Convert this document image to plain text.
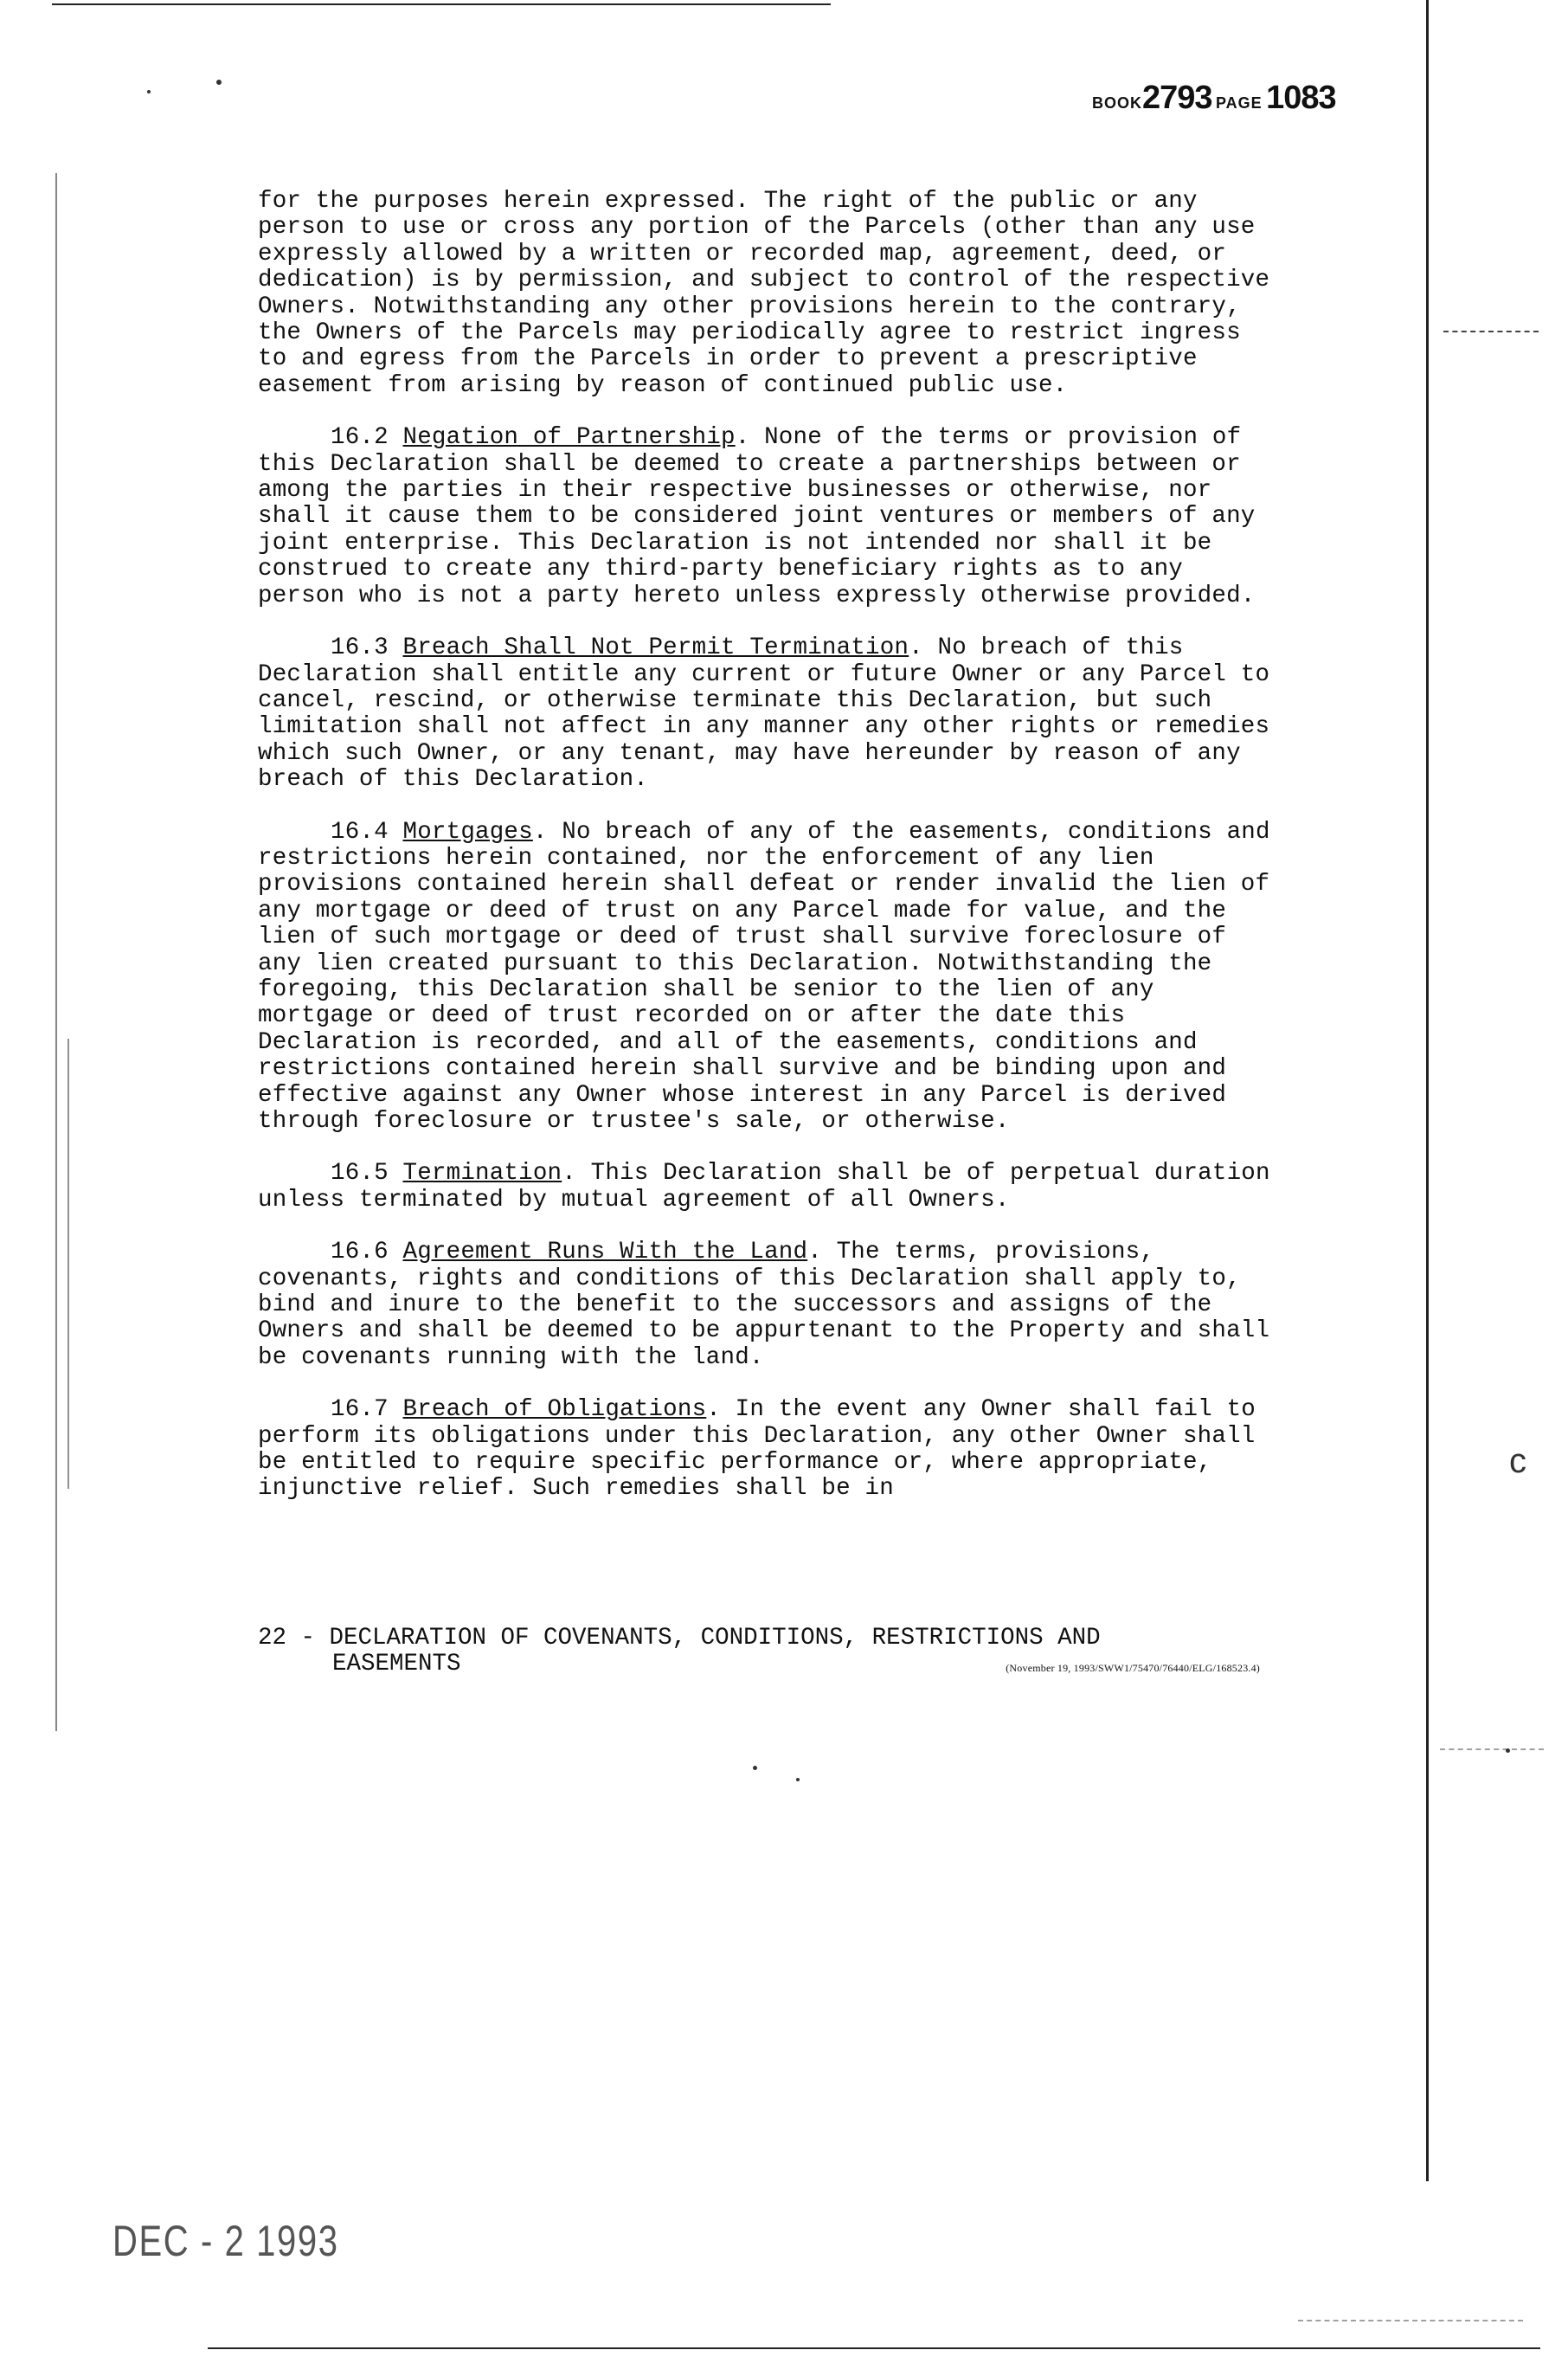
BOOK2793 PAGE 1083

for the purposes herein expressed. The right of the public or any person to use or cross any portion of the Parcels (other than any use expressly allowed by a written or recorded map, agreement, deed, or dedication) is by permission, and subject to control of the respective Owners. Notwithstanding any other provisions herein to the contrary, the Owners of the Parcels may periodically agree to restrict ingress to and egress from the Parcels in order to prevent a prescriptive easement from arising by reason of continued public use.

16.2 Negation of Partnership. None of the terms or provision of this Declaration shall be deemed to create a partnerships between or among the parties in their respective businesses or otherwise, nor shall it cause them to be considered joint ventures or members of any joint enterprise. This Declaration is not intended nor shall it be construed to create any third-party beneficiary rights as to any person who is not a party hereto unless expressly otherwise provided.

16.3 Breach Shall Not Permit Termination. No breach of this Declaration shall entitle any current or future Owner or any Parcel to cancel, rescind, or otherwise terminate this Declaration, but such limitation shall not affect in any manner any other rights or remedies which such Owner, or any tenant, may have hereunder by reason of any breach of this Declaration.

16.4 Mortgages. No breach of any of the easements, conditions and restrictions herein contained, nor the enforcement of any lien provisions contained herein shall defeat or render invalid the lien of any mortgage or deed of trust on any Parcel made for value, and the lien of such mortgage or deed of trust shall survive foreclosure of any lien created pursuant to this Declaration. Notwithstanding the foregoing, this Declaration shall be senior to the lien of any mortgage or deed of trust recorded on or after the date this Declaration is recorded, and all of the easements, conditions and restrictions contained herein shall survive and be binding upon and effective against any Owner whose interest in any Parcel is derived through foreclosure or trustee's sale, or otherwise.

16.5 Termination. This Declaration shall be of perpetual duration unless terminated by mutual agreement of all Owners.

16.6 Agreement Runs With the Land. The terms, provisions, covenants, rights and conditions of this Declaration shall apply to, bind and inure to the benefit to the successors and assigns of the Owners and shall be deemed to be appurtenant to the Property and shall be covenants running with the land.

16.7 Breach of Obligations. In the event any Owner shall fail to perform its obligations under this Declaration, any other Owner shall be entitled to require specific performance or, where appropriate, injunctive relief. Such remedies shall be in

22 - DECLARATION OF COVENANTS, CONDITIONS, RESTRICTIONS AND
EASEMENTS	(November 19, 1993/SWW1/75470/76440/ELG/168523.4)
c
DEC - 2 1993
